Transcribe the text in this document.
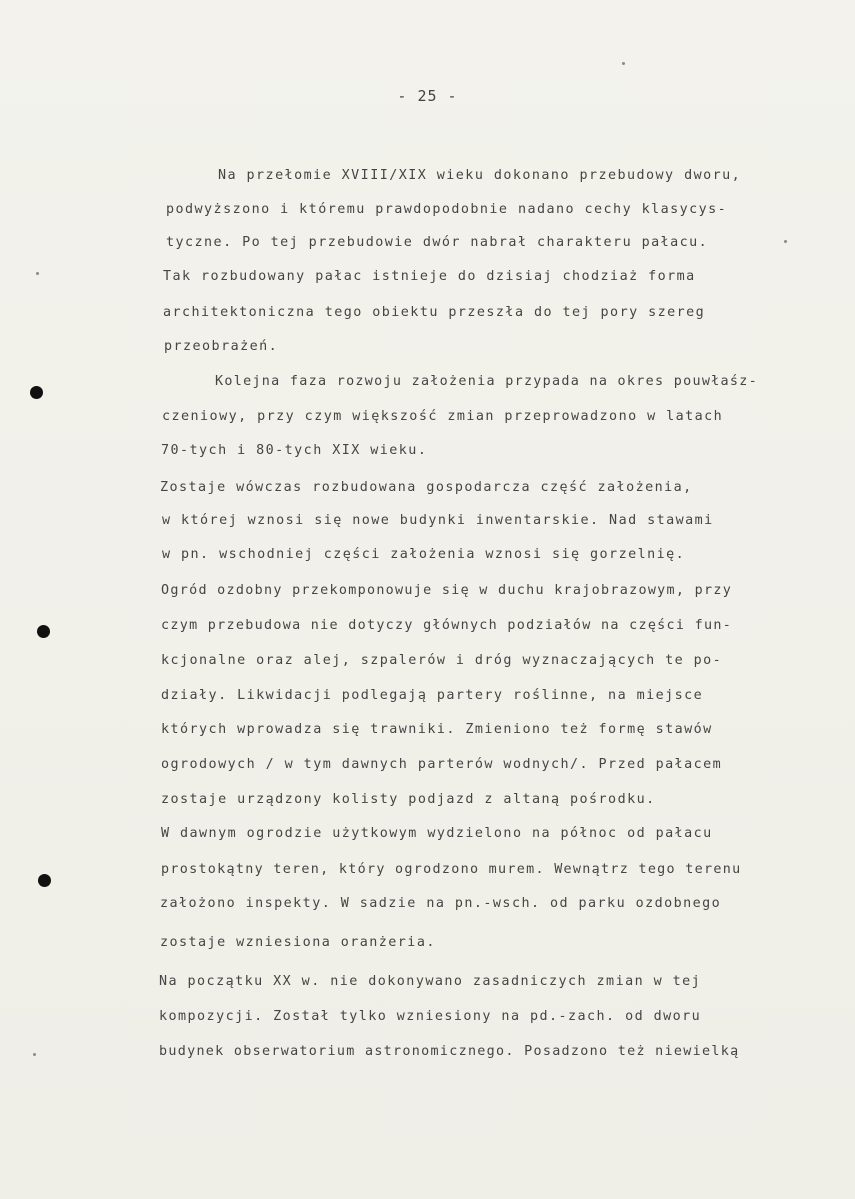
- 25 -
Na przełomie XVIII/XIX wieku dokonano przebudowy dworu,
podwyższono i któremu prawdopodobnie nadano cechy klasycys-
tyczne. Po tej przebudowie dwór nabrał charakteru pałacu.
Tak rozbudowany pałac istnieje do dzisiaj chodziaż forma
architektoniczna tego obiektu przeszła do tej pory szereg
przeobrażeń.
Kolejna faza rozwoju założenia przypada na okres pouwłaśz-
czeniowy, przy czym większość zmian przeprowadzono w latach
70-tych i 80-tych XIX wieku.
Zostaje wówczas rozbudowana gospodarcza część założenia,
w której wznosi się nowe budynki inwentarskie. Nad stawami
w pn. wschodniej części założenia wznosi się gorzelnię.
Ogród ozdobny przekomponowuje się w duchu krajobrazowym, przy
czym przebudowa nie dotyczy głównych podziałów na części fun-
kcjonalne oraz alej, szpalerów i dróg wyznaczających te po-
działy. Likwidacji podlegają partery roślinne, na miejsce
których wprowadza się trawniki. Zmieniono też formę stawów
ogrodowych / w tym dawnych parterów wodnych/. Przed pałacem
zostaje urządzony kolisty podjazd z altaną pośrodku.
W dawnym ogrodzie użytkowym wydzielono na północ od pałacu
prostokątny teren, który ogrodzono murem. Wewnątrz tego terenu
założono inspekty. W sadzie na pn.-wsch. od parku ozdobnego
zostaje wzniesiona oranżeria.
Na początku XX w. nie dokonywano zasadniczych zmian w tej
kompozycji. Został tylko wzniesiony na pd.-zach. od dworu
budynek obserwatorium astronomicznego. Posadzono też niewielką
